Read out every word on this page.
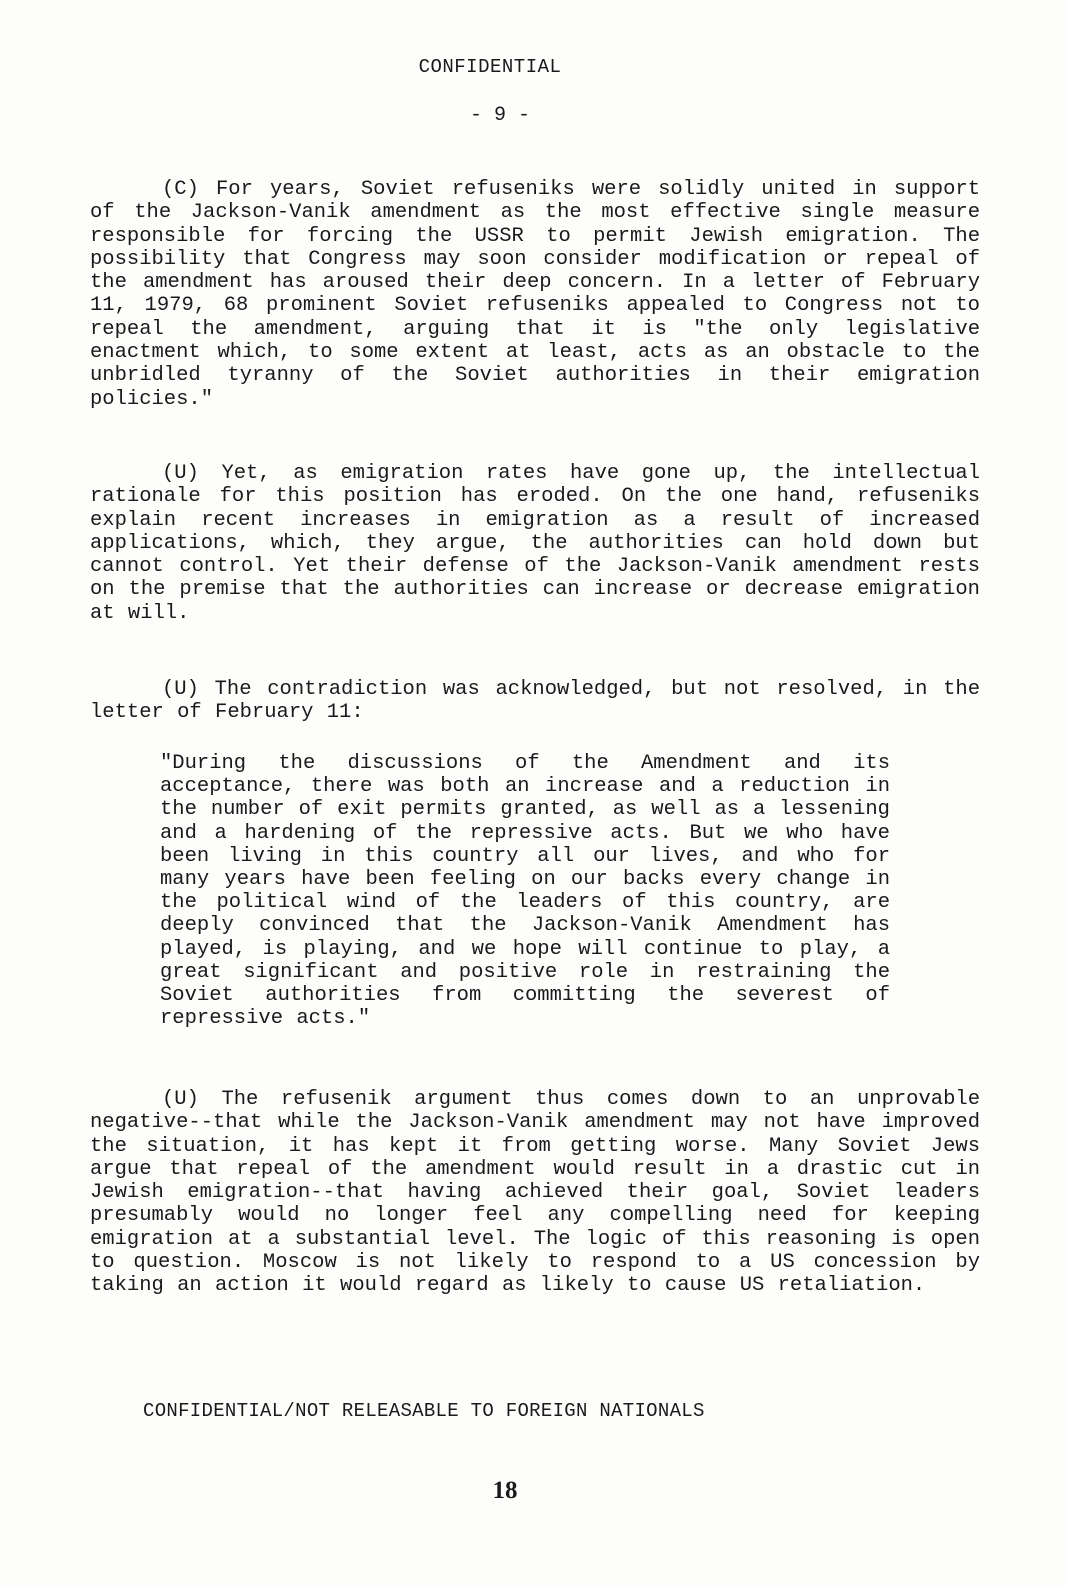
CONFIDENTIAL
- 9 -

(C) For years, Soviet refuseniks were solidly united in support of the Jackson-Vanik amendment as the most effective single measure responsible for forcing the USSR to permit Jewish emigration. The possibility that Congress may soon consider modification or repeal of the amendment has aroused their deep concern. In a letter of February 11, 1979, 68 prominent Soviet refuseniks appealed to Congress not to repeal the amendment, arguing that it is "the only legislative enactment which, to some extent at least, acts as an obstacle to the unbridled tyranny of the Soviet authorities in their emigration policies."

(U) Yet, as emigration rates have gone up, the intellectual rationale for this position has eroded. On the one hand, refuseniks explain recent increases in emigration as a result of increased applications, which, they argue, the authorities can hold down but cannot control. Yet their defense of the Jackson-Vanik amendment rests on the premise that the authorities can increase or decrease emigration at will.

(U) The contradiction was acknowledged, but not resolved, in the letter of February 11:

"During the discussions of the Amendment and its acceptance, there was both an increase and a reduction in the number of exit permits granted, as well as a lessening and a hardening of the repressive acts. But we who have been living in this country all our lives, and who for many years have been feeling on our backs every change in the political wind of the leaders of this country, are deeply convinced that the Jackson-Vanik Amendment has played, is playing, and we hope will continue to play, a great significant and positive role in restraining the Soviet authorities from committing the severest of repressive acts."

(U) The refusenik argument thus comes down to an unprovable negative--that while the Jackson-Vanik amendment may not have improved the situation, it has kept it from getting worse. Many Soviet Jews argue that repeal of the amendment would result in a drastic cut in Jewish emigration--that having achieved their goal, Soviet leaders presumably would no longer feel any compelling need for keeping emigration at a substantial level. The logic of this reasoning is open to question. Moscow is not likely to respond to a US concession by taking an action it would regard as likely to cause US retaliation.

CONFIDENTIAL/NOT RELEASABLE TO FOREIGN NATIONALS
18
